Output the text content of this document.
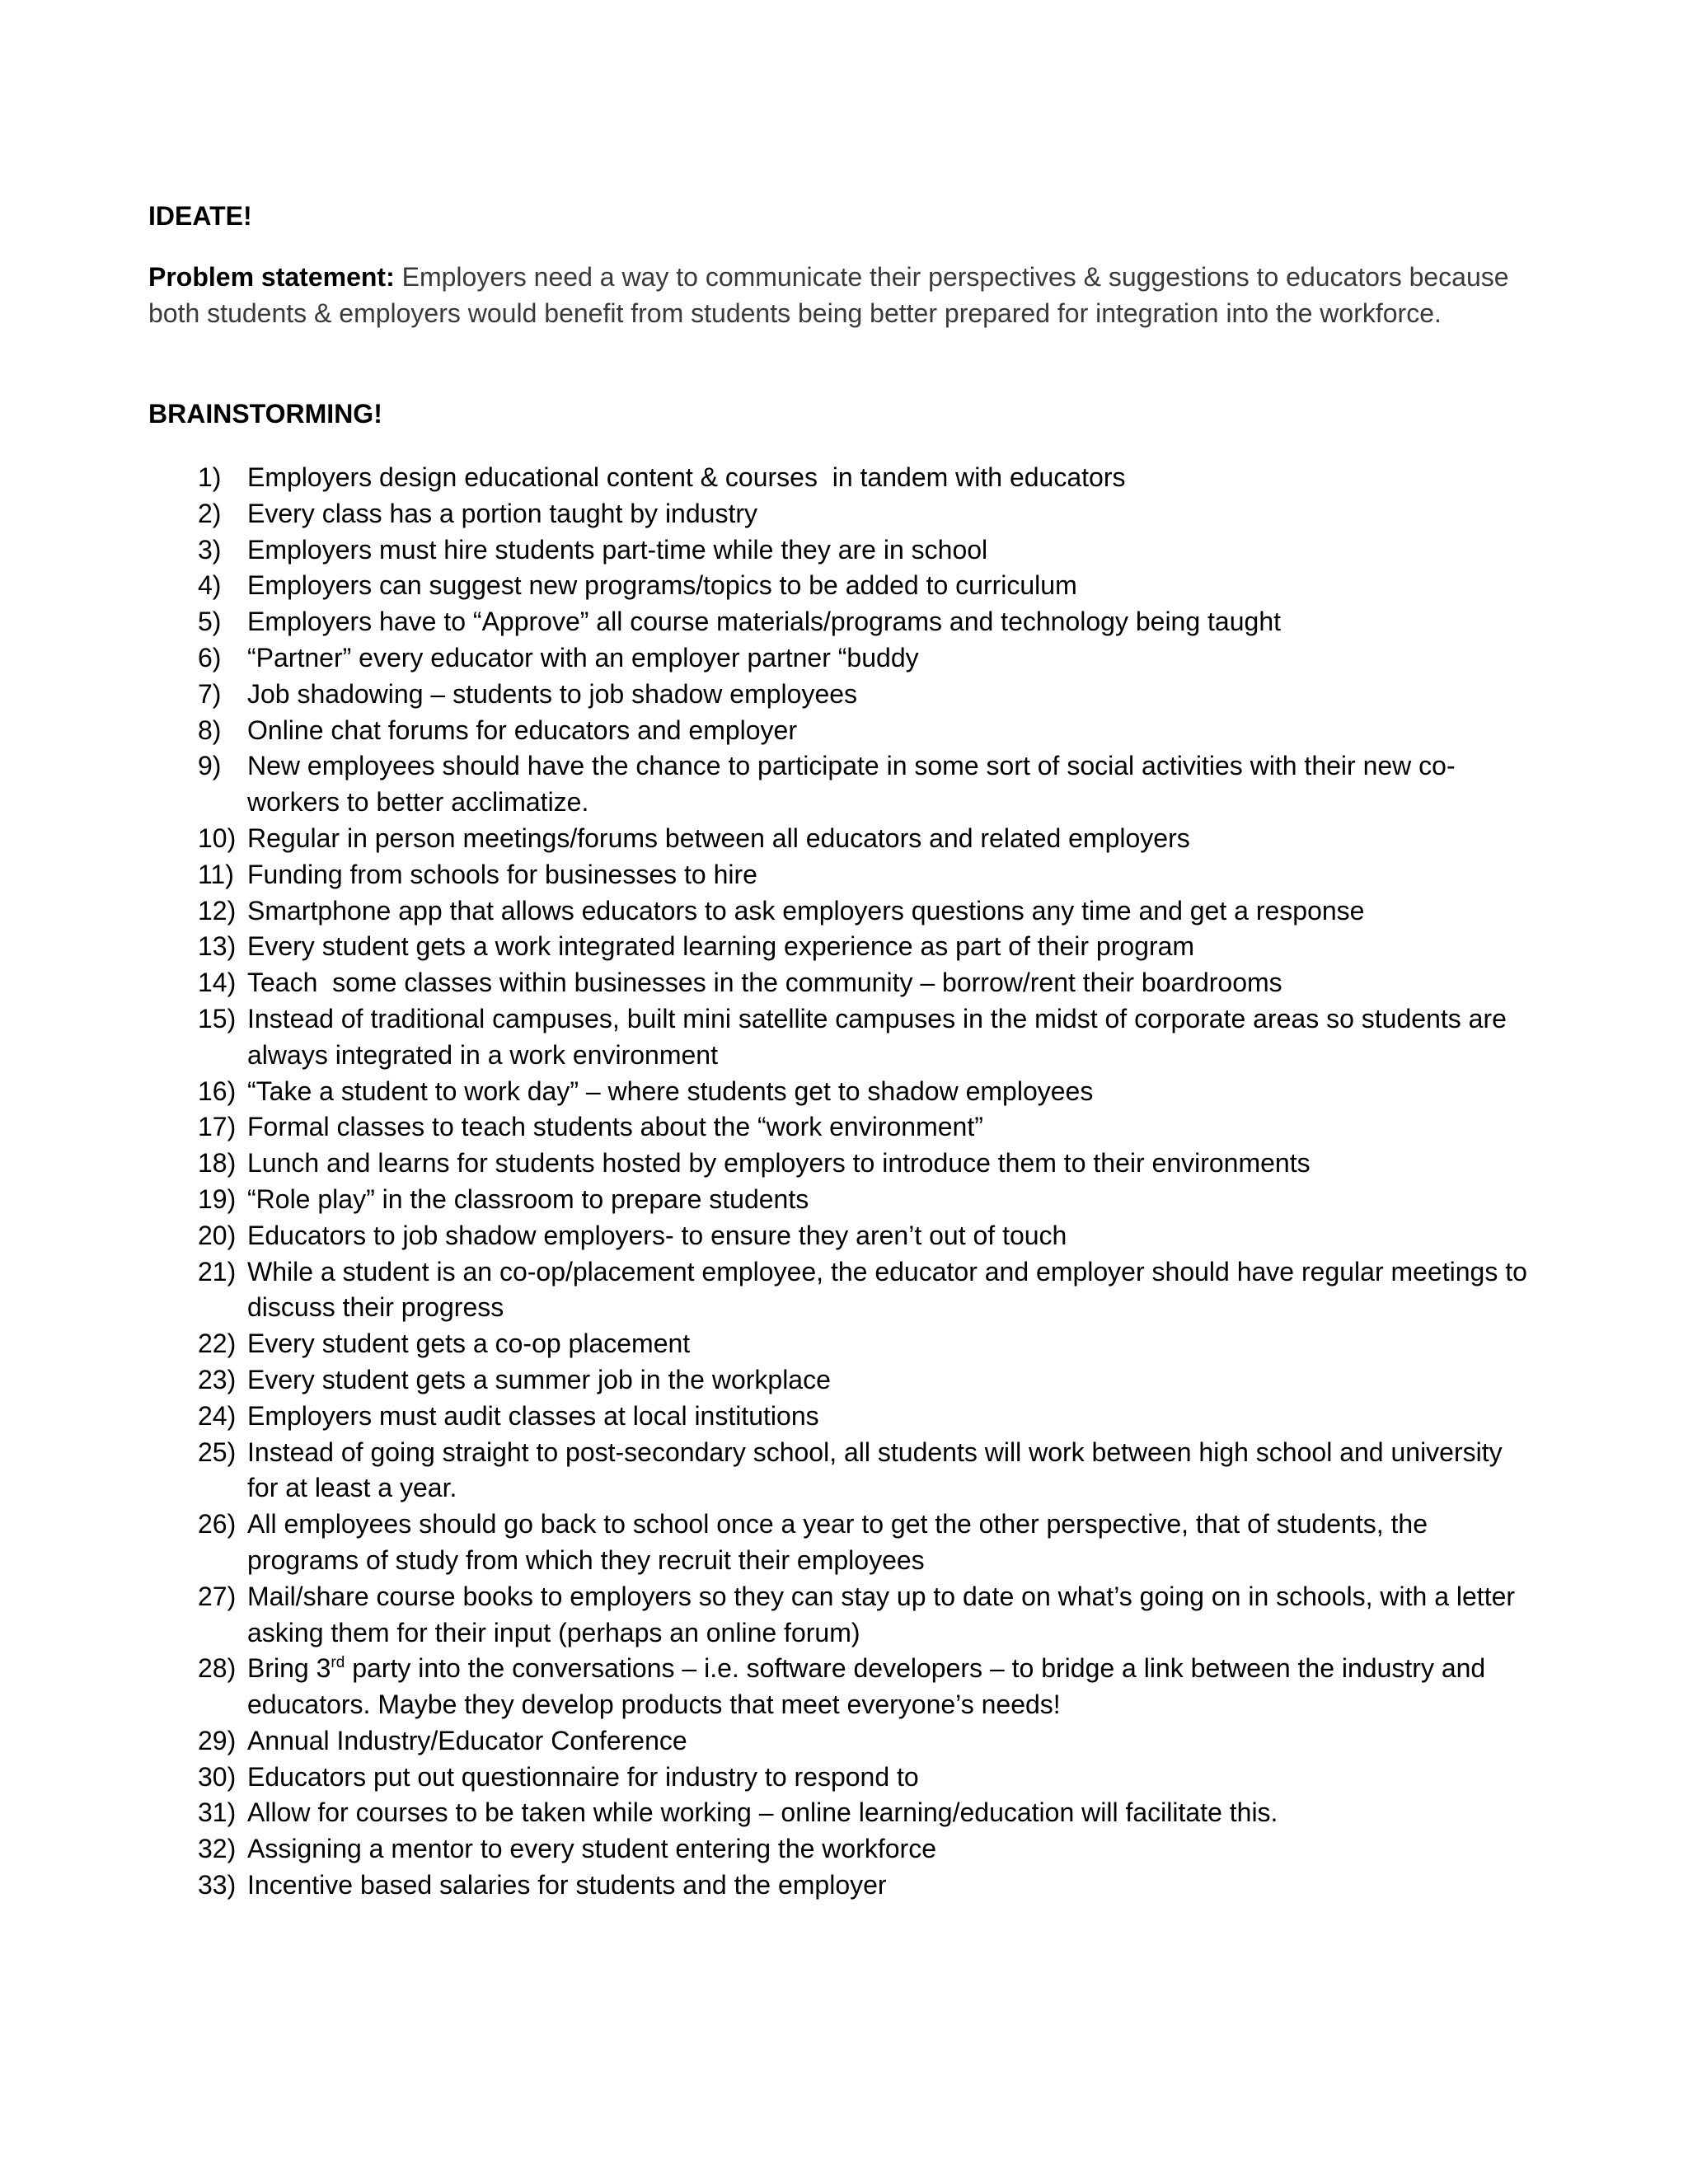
IDEATE!

Problem statement: Employers need a way to communicate their perspectives & suggestions to educators because both students & employers would benefit from students being better prepared for integration into the workforce.

BRAINSTORMING!
1) Employers design educational content & courses  in tandem with educators
2) Every class has a portion taught by industry
3) Employers must hire students part-time while they are in school
4) Employers can suggest new programs/topics to be added to curriculum
5) Employers have to “Approve” all course materials/programs and technology being taught
6) “Partner” every educator with an employer partner “buddy
7) Job shadowing – students to job shadow employees
8) Online chat forums for educators and employer
9) New employees should have the chance to participate in some sort of social activities with their new co-workers to better acclimatize.
10) Regular in person meetings/forums between all educators and related employers
11) Funding from schools for businesses to hire
12) Smartphone app that allows educators to ask employers questions any time and get a response
13) Every student gets a work integrated learning experience as part of their program
14) Teach  some classes within businesses in the community – borrow/rent their boardrooms
15) Instead of traditional campuses, built mini satellite campuses in the midst of corporate areas so students are always integrated in a work environment
16) “Take a student to work day” – where students get to shadow employees
17) Formal classes to teach students about the “work environment”
18) Lunch and learns for students hosted by employers to introduce them to their environments
19) “Role play” in the classroom to prepare students
20) Educators to job shadow employers- to ensure they aren’t out of touch
21) While a student is an co-op/placement employee, the educator and employer should have regular meetings to discuss their progress
22) Every student gets a co-op placement
23) Every student gets a summer job in the workplace
24) Employers must audit classes at local institutions
25) Instead of going straight to post-secondary school, all students will work between high school and university for at least a year.
26) All employees should go back to school once a year to get the other perspective, that of students, the programs of study from which they recruit their employees
27) Mail/share course books to employers so they can stay up to date on what’s going on in schools, with a letter asking them for their input (perhaps an online forum)
28) Bring 3rd party into the conversations – i.e. software developers – to bridge a link between the industry and educators. Maybe they develop products that meet everyone’s needs!
29) Annual Industry/Educator Conference
30) Educators put out questionnaire for industry to respond to
31) Allow for courses to be taken while working – online learning/education will facilitate this.
32) Assigning a mentor to every student entering the workforce
33) Incentive based salaries for students and the employer
